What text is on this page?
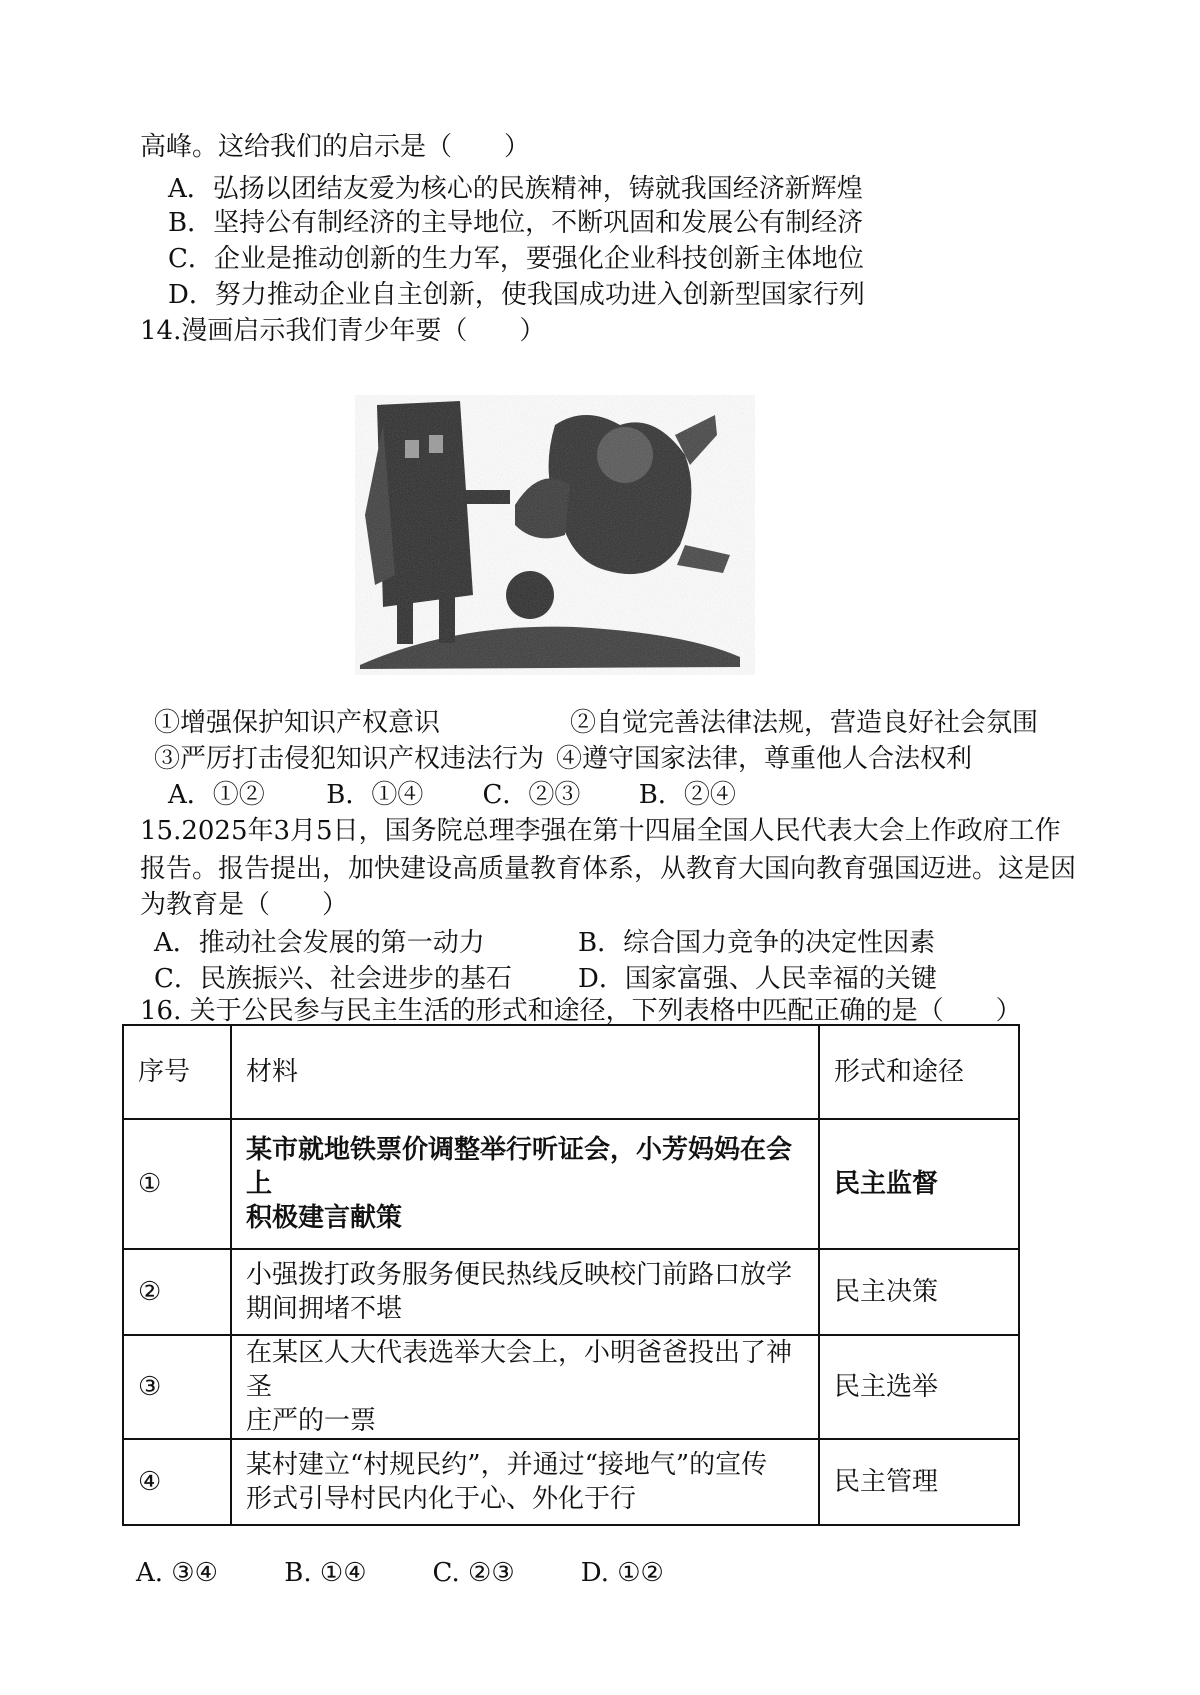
高峰。这给我们的启示是（　　）
A．弘扬以团结友爱为核心的民族精神，铸就我国经济新辉煌
B．坚持公有制经济的主导地位，不断巩固和发展公有制经济
C．企业是推动创新的生力军，要强化企业科技创新主体地位
D．努力推动企业自主创新，使我国成功进入创新型国家行列
14.漫画启示我们青少年要（　　）
①增强保护知识产权意识	②自觉完善法律法规，营造良好社会氛围
③严厉打击侵犯知识产权违法行为 ④遵守国家法律，尊重他人合法权利
A．①② B．①④ C．②③ B．②④
15.2025年3月5日，国务院总理李强在第十四届全国人民代表大会上作政府工作
报告。报告提出，加快建设高质量教育体系，从教育大国向教育强国迈进。这是因
为教育是（　　）
A．推动社会发展的第一动力	B．综合国力竞争的决定性因素
C．民族振兴、社会进步的基石	D．国家富强、人民幸福的关键
16. 关于公民参与民主生活的形式和途径，下列表格中匹配正确的是（　　）
序号	材料	形式和途径
①	某市就地铁票价调整举行听证会，小芳妈妈在会上
积极建言献策	民主监督
②	小强拨打政务服务便民热线反映校门前路口放学
期间拥堵不堪	民主决策
③	在某区人大代表选举大会上，小明爸爸投出了神圣
庄严的一票	民主选举
④	某村建立“村规民约”，并通过“接地气”的宣传
形式引导村民内化于心、外化于行	民主管理
A. ③④	B. ①④	C. ②③	D. ①②
